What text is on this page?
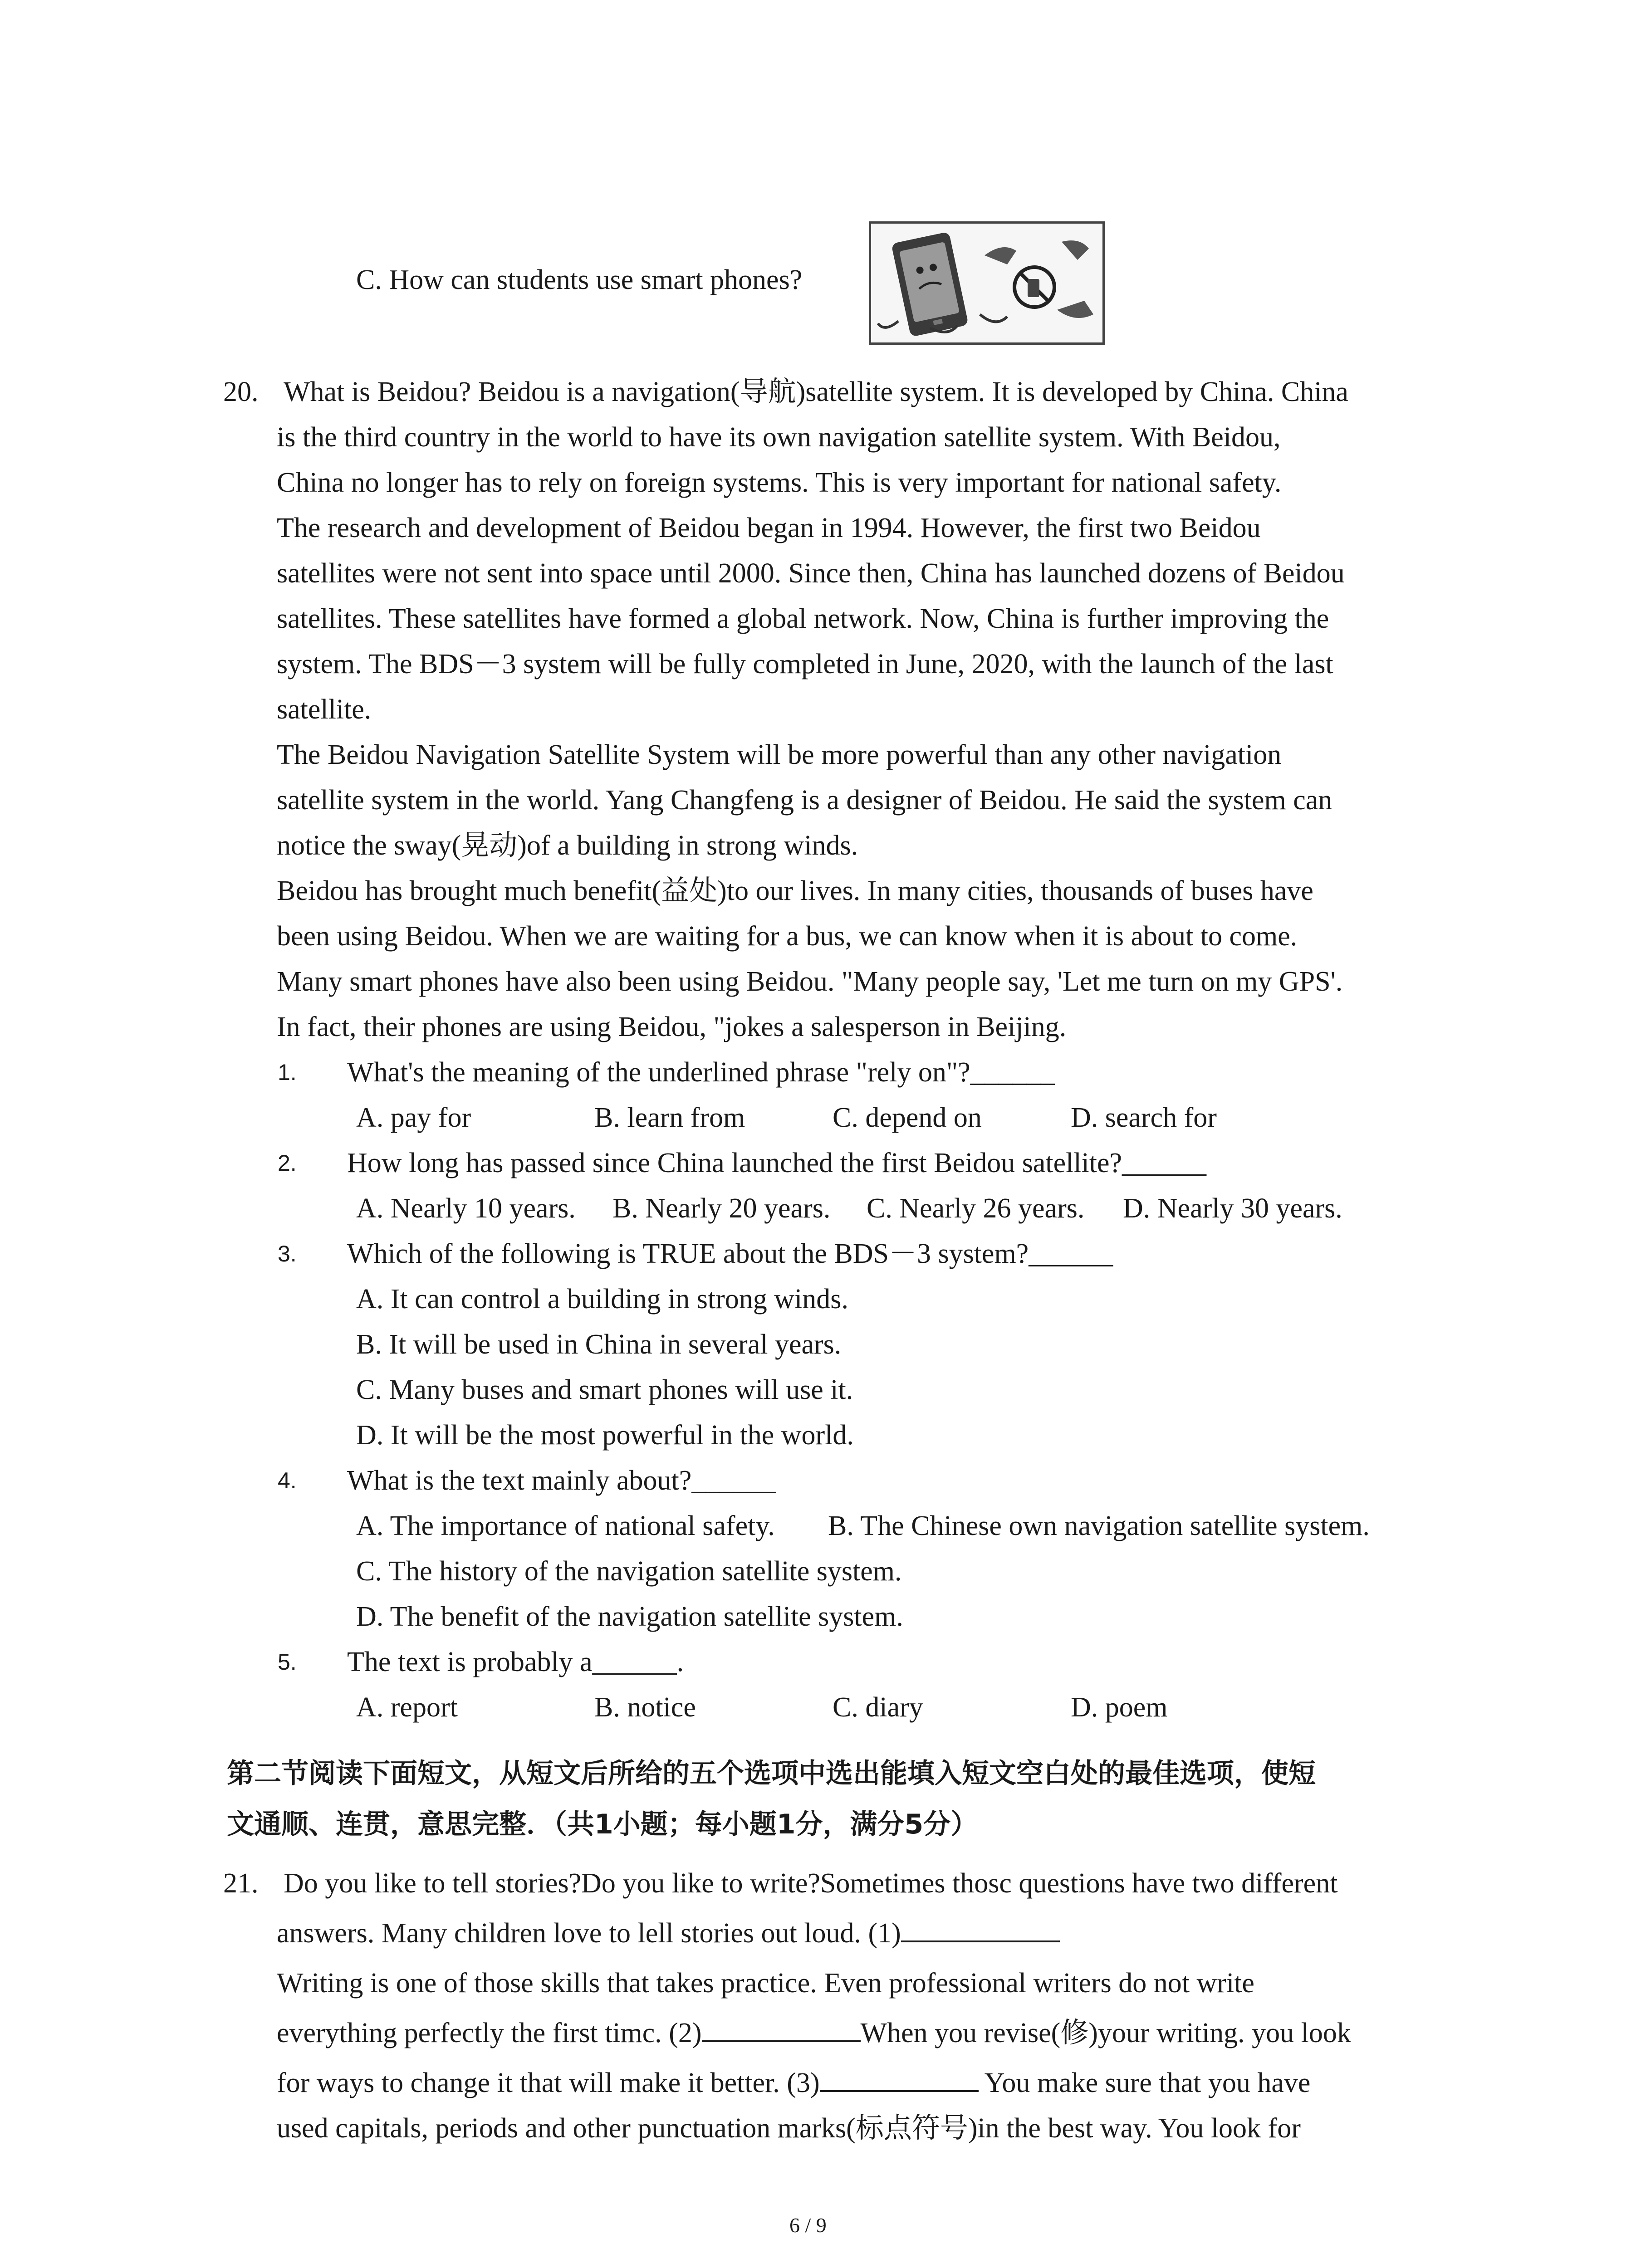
C. How can students use smart phones?
20. What is Beidou? Beidou is a navigation(导航)satellite system. It is developed by China. China
is the third country in the world to have its own navigation satellite system. With Beidou,
China no longer has to rely on foreign systems. This is very important for national safety.
The research and development of Beidou began in 1994. However, the first two Beidou
satellites were not sent into space until 2000. Since then, China has launched dozens of Beidou
satellites. These satellites have formed a global network. Now, China is further improving the
system. The BDS－3 system will be fully completed in June, 2020, with the launch of the last
satellite.
The Beidou Navigation Satellite System will be more powerful than any other navigation
satellite system in the world. Yang Changfeng is a designer of Beidou. He said the system can
notice the sway(晃动)of a building in strong winds.
Beidou has brought much benefit(益处)to our lives. In many cities, thousands of buses have
been using Beidou. When we are waiting for a bus, we can know when it is about to come.
Many smart phones have also been using Beidou. "Many people say, 'Let me turn on my GPS'.
In fact, their phones are using Beidou, "jokes a salesperson in Beijing.
1. What's the meaning of the underlined phrase "rely on"?______
A. pay for	B. learn from	C. depend on	D. search for
2. How long has passed since China launched the first Beidou satellite?______
A. Nearly 10 years. B. Nearly 20 years. C. Nearly 26 years. D. Nearly 30 years.
3. Which of the following is TRUE about the BDS－3 system?______
A. It can control a building in strong winds.
B. It will be used in China in several years.
C. Many buses and smart phones will use it.
D. It will be the most powerful in the world.
4. What is the text mainly about?______
A. The importance of national safety. B. The Chinese own navigation satellite system.
C. The history of the navigation satellite system.
D. The benefit of the navigation satellite system.
5. The text is probably a______.
A. report	B. notice	C. diary	D. poem
第二节阅读下面短文，从短文后所给的五个选项中选出能填入短文空白处的最佳选项，使短
文通顺、连贯，意思完整．（共1小题；每小题1分，满分5分）
21. Do you like to tell stories?Do you like to write?Sometimes thosc questions have two different
answers. Many children love to lell stories out loud. (1)
Writing is one of those skills that takes practice. Even professional writers do not write
everything perfectly the first timc. (2)	When you revise(修)your writing. you look
for ways to change it that will make it better. (3)	You make sure that you have
used capitals, periods and other punctuation marks(标点符号)in the best way. You look for
6 / 9
